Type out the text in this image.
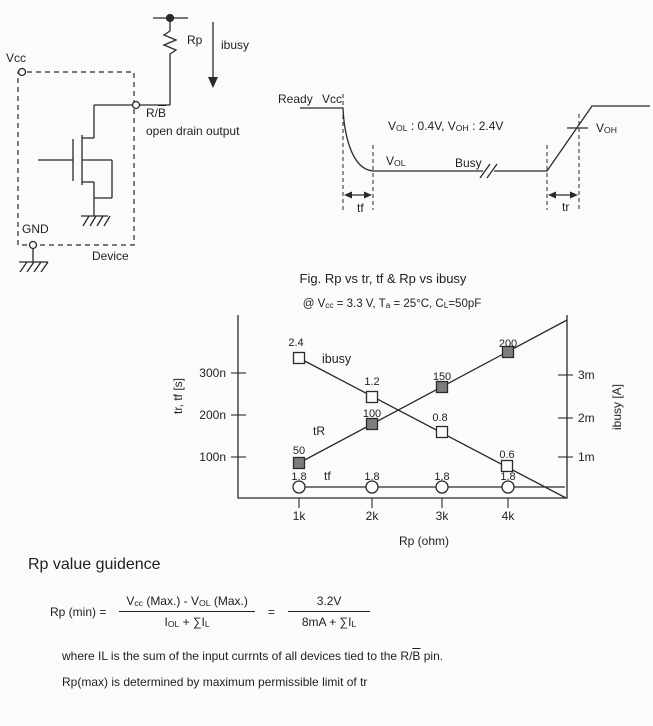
Vcc
Rp ibusy
$R/\overline{B}$
open drain output
GND
Device
Ready Vcc
$V_{OL}$ : 0.4V, $V_{OH}$ : 2.4V
$V_{OL}$	Busy
$V_{OH}$
tf	tr
Fig. Rp vs tr, tf & Rp vs ibusy
@ $V_{cc} = 3.3$ V, $T_a = 25^\circ C$, $C_L=50pF$
tr, tf [s]	ibusy [A]
300n
200n
100n
3m
2m
1m
1k	2k	3k	4k
Rp (ohm)
ibusy
tR
tf
50
100
150
200
2.4
1.2
0.8
0.6
1.8	1.8	1.8	1.8
Rp value guidence
Rp $(\min) = \frac{V_{cc} (Max.) - V_{OL} (Max.)}{I_{OL} + \sum I_L} = \frac{3.2V}{8mA + \sum I_L}$
where IL is the sum of the input currnts of all devices tied to the $R/\overline{B}$ pin.
Rp(max) is determined by maximum permissible limit of tr
